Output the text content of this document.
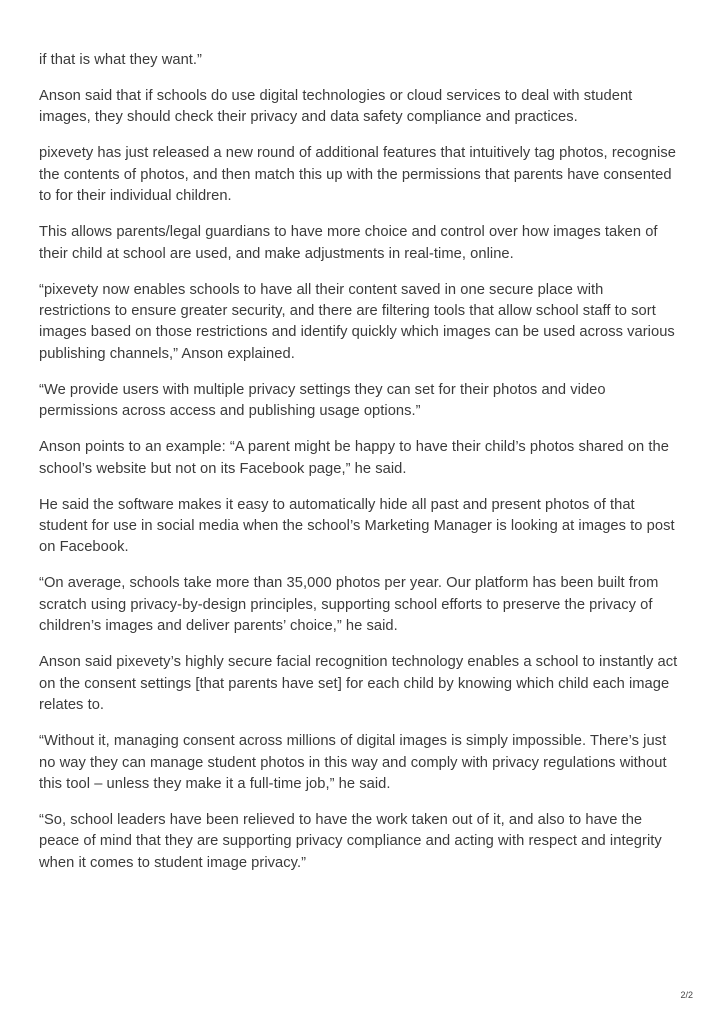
if that is what they want.”

Anson said that if schools do use digital technologies or cloud services to deal with student images, they should check their privacy and data safety compliance and practices.

pixevety has just released a new round of additional features that intuitively tag photos, recognise the contents of photos, and then match this up with the permissions that parents have consented to for their individual children.

This allows parents/legal guardians to have more choice and control over how images taken of their child at school are used, and make adjustments in real-time, online.

“pixevety now enables schools to have all their content saved in one secure place with restrictions to ensure greater security, and there are filtering tools that allow school staff to sort images based on those restrictions and identify quickly which images can be used across various publishing channels,” Anson explained.

“We provide users with multiple privacy settings they can set for their photos and video permissions across access and publishing usage options.”

Anson points to an example: “A parent might be happy to have their child’s photos shared on the school’s website but not on its Facebook page,” he said.

He said the software makes it easy to automatically hide all past and present photos of that student for use in social media when the school’s Marketing Manager is looking at images to post on Facebook.

“On average, schools take more than 35,000 photos per year. Our platform has been built from scratch using privacy-by-design principles, supporting school efforts to preserve the privacy of children’s images and deliver parents’ choice,” he said.

Anson said pixevety’s highly secure facial recognition technology enables a school to instantly act on the consent settings [that parents have set] for each child by knowing which child each image relates to.

“Without it, managing consent across millions of digital images is simply impossible. There’s just no way they can manage student photos in this way and comply with privacy regulations without this tool – unless they make it a full-time job,” he said.

“So, school leaders have been relieved to have the work taken out of it, and also to have the peace of mind that they are supporting privacy compliance and acting with respect and integrity when it comes to student image privacy.”

2/2
